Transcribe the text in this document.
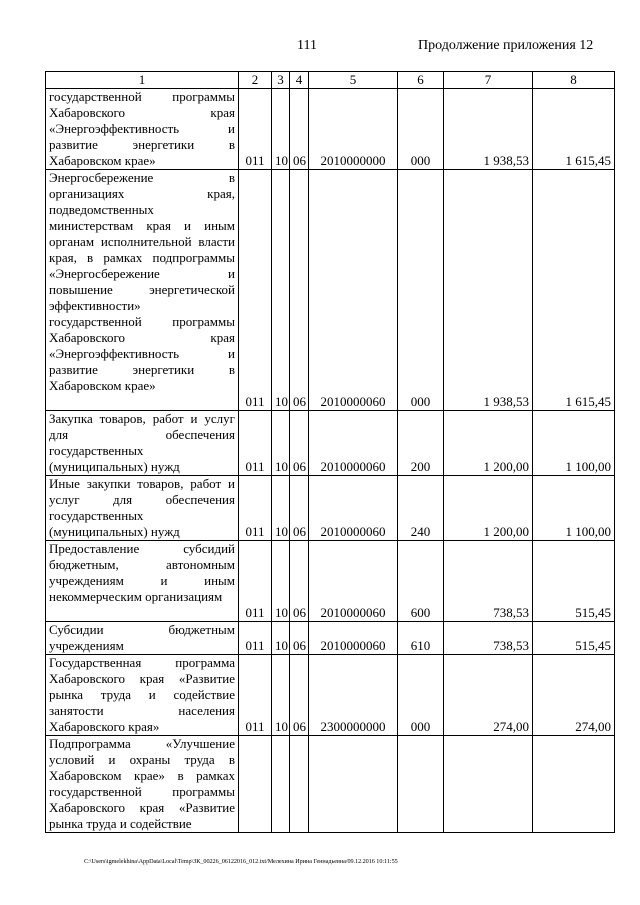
111	Продолжение приложения 12
1	2	3	4	5	6	7	8
государственной программы Хабаровского края «Энергоэффективность и развитие энергетики в Хабаровском крае»	011	10	06	2010000000	000	1 938,53	1 615,45
Энергосбережение в организациях края, подведомственных министерствам края и иным органам исполнительной власти края, в рамках подпрограммы «Энергосбережение и повышение энергетической эффективности» государственной программы Хабаровского края «Энергоэффективность и развитие энергетики в Хабаровском крае»	011	10	06	2010000060	000	1 938,53	1 615,45
Закупка товаров, работ и услуг для обеспечения государственных (муниципальных) нужд	011	10	06	2010000060	200	1 200,00	1 100,00
Иные закупки товаров, работ и услуг для обеспечения государственных (муниципальных) нужд	011	10	06	2010000060	240	1 200,00	1 100,00
Предоставление субсидий бюджетным, автономным учреждениям и иным некоммерческим организациям	011	10	06	2010000060	600	738,53	515,45
Субсидии бюджетным учреждениям	011	10	06	2010000060	610	738,53	515,45
Государственная программа Хабаровского края «Развитие рынка труда и содействие занятости населения Хабаровского края»	011	10	06	2300000000	000	274,00	274,00
Подпрограмма «Улучшение условий и охраны труда в Хабаровском крае» в рамках государственной программы Хабаровского края «Развитие рынка труда и содействие							
C:\Users\igmelekhina\AppData\Local\Temp\ЗК_00226_06122016_012.txt/Мелехина Ирина Геннадьевна/09.12.2016 10:11:55
